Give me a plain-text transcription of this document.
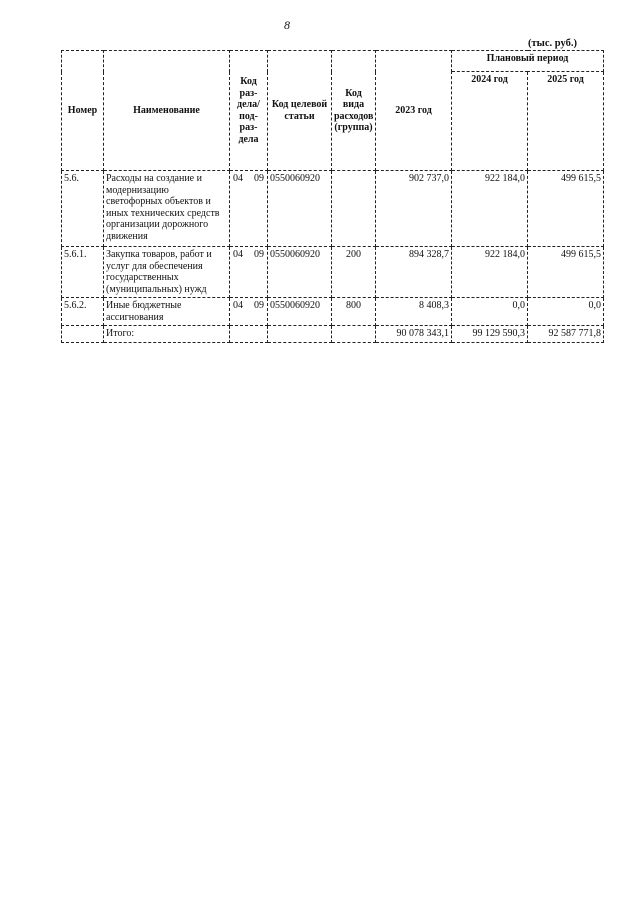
8
(тыс. руб.)
Номер	Наименование	Код раз-дела/ под-раз-дела	Код целевой статьи	Код вида расходов (группа)	2023 год	Плановый период	
						2024 год	2025 год
5.6.	Расходы на создание и модернизацию светофорных объектов и иных технических средств организации дорожного движения	04 09	0550060920		902 737,0	922 184,0	499 615,5
5.6.1.	Закупка товаров, работ и услуг для обеспечения государственных (муниципальных) нужд	04 09	0550060920	200	894 328,7	922 184,0	499 615,5
5.6.2.	Иные бюджетные ассигнования	04 09	0550060920	800	8 408,3	0,0	0,0
	Итого:				90 078 343,1	99 129 590,3	92 587 771,8
